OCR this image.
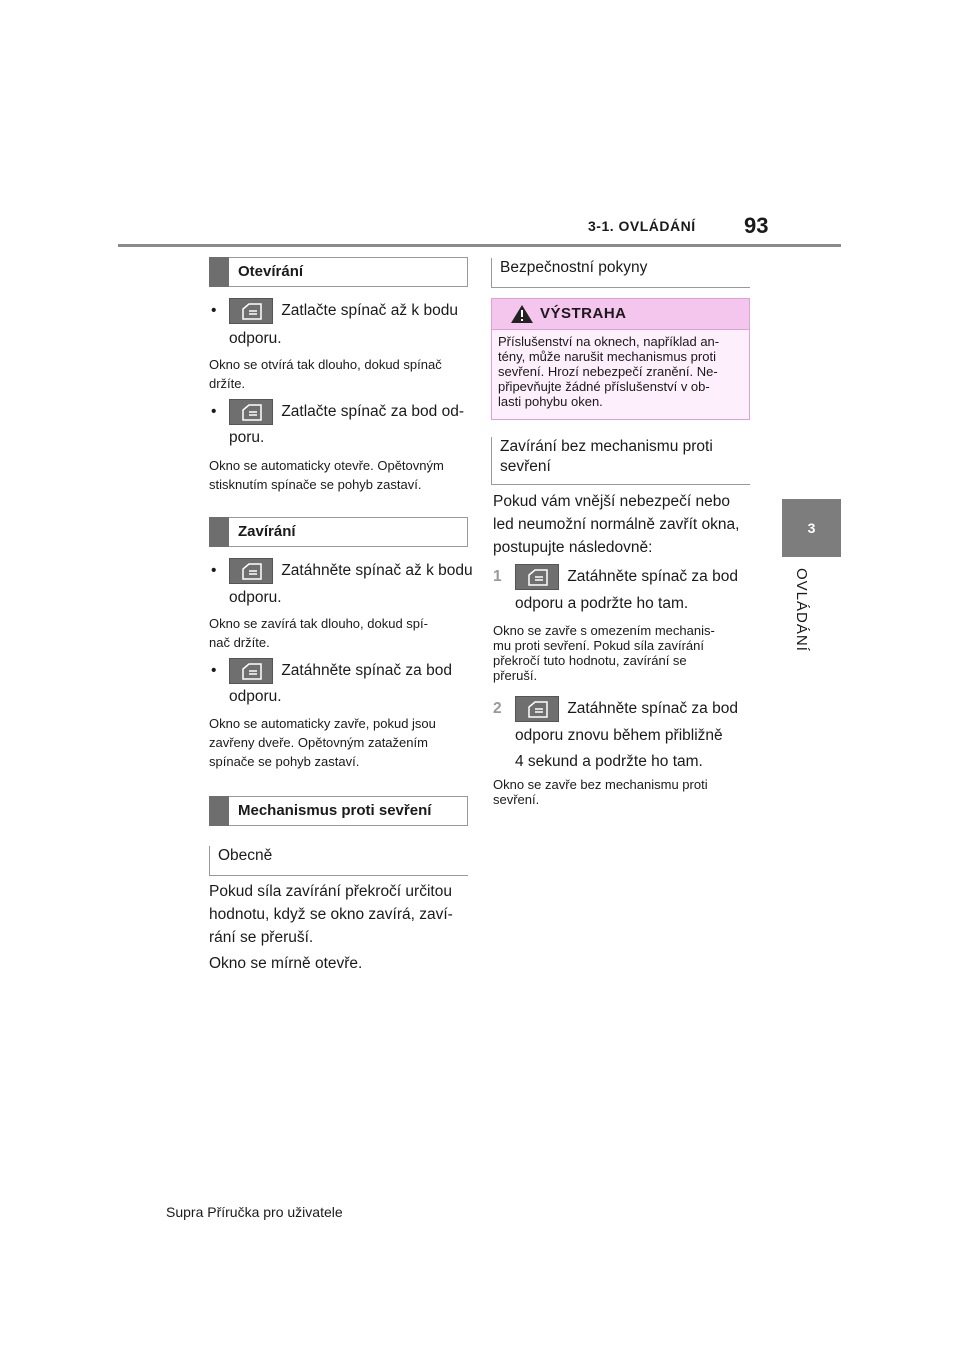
3-1. OVLÁDÁNÍ 93
3
OVLÁDÁNÍ
Otevírání
•	Zatlačte spínač až k bodu
odporu.
Okno se otvírá tak dlouho, dokud spínač
držíte.
•	Zatlačte spínač za bod od-
poru.
Okno se automaticky otevře. Opětovným
stisknutím spínače se pohyb zastaví.
Zavírání
•	Zatáhněte spínač až k bodu
odporu.
Okno se zavírá tak dlouho, dokud spí-
nač držíte.
•	Zatáhněte spínač za bod
odporu.
Okno se automaticky zavře, pokud jsou
zavřeny dveře. Opětovným zatažením
spínače se pohyb zastaví.
Mechanismus proti sevření
Obecně
Pokud síla zavírání překročí určitou
hodnotu, když se okno zavírá, zaví-
rání se přeruší.
Okno se mírně otevře.
Bezpečnostní pokyny
VÝSTRAHA
Příslušenství na oknech, například an-
tény, může narušit mechanismus proti
sevření. Hrozí nebezpečí zranění. Ne-
připevňujte žádné příslušenství v ob-
lasti pohybu oken.
Zavírání bez mechanismu proti
sevření
Pokud vám vnější nebezpečí nebo
led neumožní normálně zavřít okna,
postupujte následovně:
1	Zatáhněte spínač za bod
odporu a podržte ho tam.
Okno se zavře s omezením mechanis-
mu proti sevření. Pokud síla zavírání
překročí tuto hodnotu, zavírání se
přeruší.
2	Zatáhněte spínač za bod
odporu znovu během přibližně
4 sekund a podržte ho tam.
Okno se zavře bez mechanismu proti
sevření.
Supra Příručka pro uživatele
